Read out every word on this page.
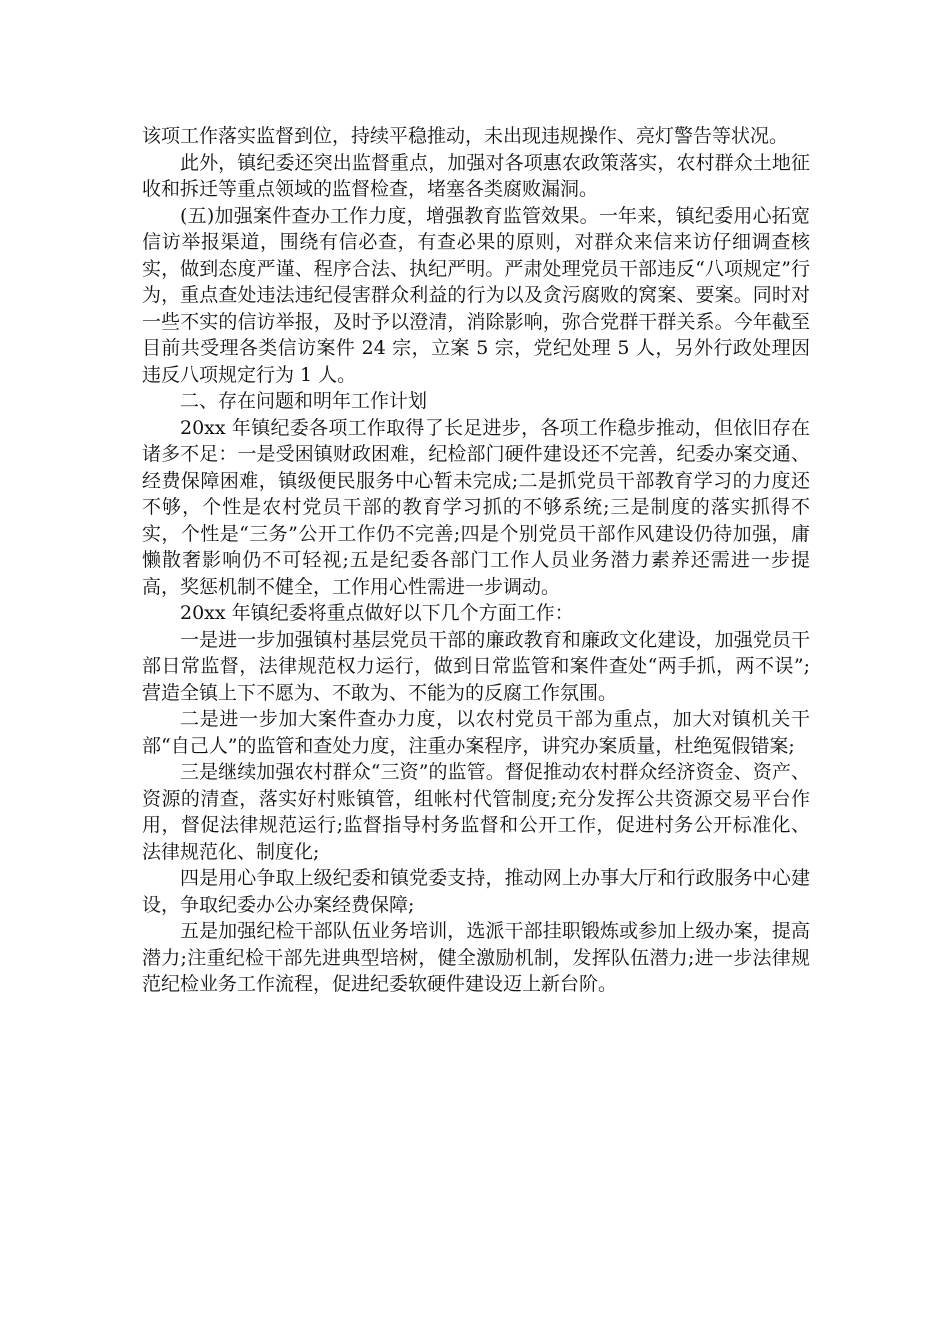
该项工作落实监督到位，持续平稳推动，未出现违规操作、亮灯警告等状况。

此外，镇纪委还突出监督重点，加强对各项惠农政策落实，农村群众土地征收和拆迁等重点领域的监督检查，堵塞各类腐败漏洞。

(五)加强案件查办工作力度，增强教育监管效果。一年来，镇纪委用心拓宽信访举报渠道，围绕有信必查，有查必果的原则，对群众来信来访仔细调查核实，做到态度严谨、程序合法、执纪严明。严肃处理党员干部违反“八项规定”行为，重点查处违法违纪侵害群众利益的行为以及贪污腐败的窝案、要案。同时对一些不实的信访举报，及时予以澄清，消除影响，弥合党群干群关系。今年截至目前共受理各类信访案件 24 宗，立案 5 宗，党纪处理 5 人，另外行政处理因违反八项规定行为 1 人。

二、存在问题和明年工作计划

20xx 年镇纪委各项工作取得了长足进步，各项工作稳步推动，但依旧存在诸多不足：一是受困镇财政困难，纪检部门硬件建设还不完善，纪委办案交通、经费保障困难，镇级便民服务中心暂未完成;二是抓党员干部教育学习的力度还不够，个性是农村党员干部的教育学习抓的不够系统;三是制度的落实抓得不实，个性是“三务”公开工作仍不完善;四是个别党员干部作风建设仍待加强，庸懒散奢影响仍不可轻视;五是纪委各部门工作人员业务潜力素养还需进一步提高，奖惩机制不健全，工作用心性需进一步调动。

20xx 年镇纪委将重点做好以下几个方面工作：

一是进一步加强镇村基层党员干部的廉政教育和廉政文化建设，加强党员干部日常监督，法律规范权力运行，做到日常监管和案件查处“两手抓，两不误”;营造全镇上下不愿为、不敢为、不能为的反腐工作氛围。

二是进一步加大案件查办力度，以农村党员干部为重点，加大对镇机关干部“自己人”的监管和查处力度，注重办案程序，讲究办案质量，杜绝冤假错案;

三是继续加强农村群众“三资”的监管。督促推动农村群众经济资金、资产、资源的清查，落实好村账镇管，组帐村代管制度;充分发挥公共资源交易平台作用，督促法律规范运行;监督指导村务监督和公开工作，促进村务公开标准化、法律规范化、制度化;

四是用心争取上级纪委和镇党委支持，推动网上办事大厅和行政服务中心建设，争取纪委办公办案经费保障;

五是加强纪检干部队伍业务培训，选派干部挂职锻炼或参加上级办案，提高潜力;注重纪检干部先进典型培树，健全激励机制，发挥队伍潜力;进一步法律规范纪检业务工作流程，促进纪委软硬件建设迈上新台阶。
